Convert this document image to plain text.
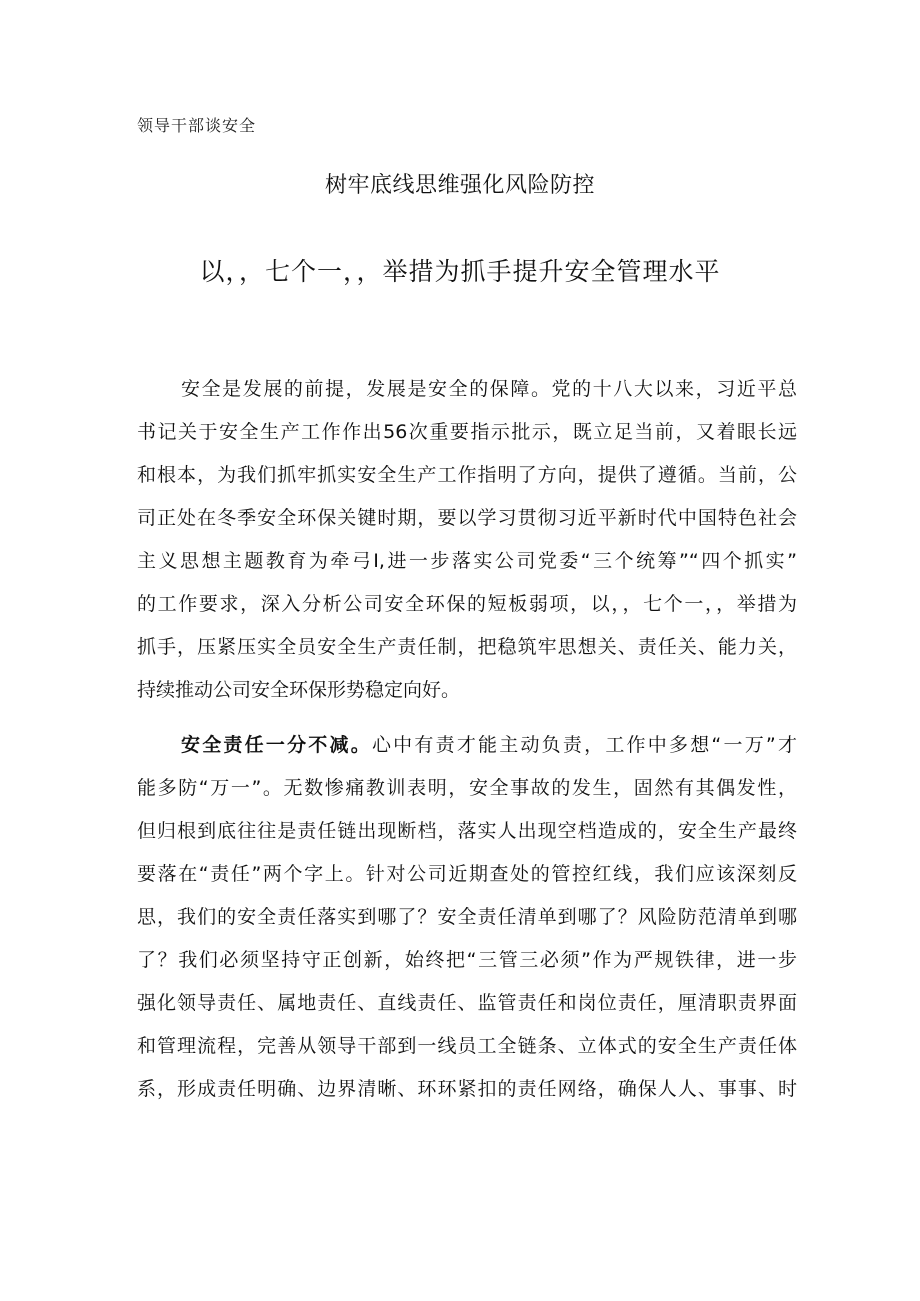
领导干部谈安全
树牢底线思维强化风险防控
以，，七个一，，举措为抓手提升安全管理水平
安全是发展的前提，发展是安全的保障。党的十八大以来，习近平总
书记关于安全生产工作作出56次重要指示批示，既立足当前，又着眼长远
和根本，为我们抓牢抓实安全生产工作指明了方向，提供了遵循。当前，公
司正处在冬季安全环保关键时期，要以学习贯彻习近平新时代中国特色社会
主义思想主题教育为牵弓I,进一步落实公司党委“三个统筹”“四个抓实”
的工作要求，深入分析公司安全环保的短板弱项，以，，七个一，，举措为
抓手，压紧压实全员安全生产责任制，把稳筑牢思想关、责任关、能力关，
持续推动公司安全环保形势稳定向好。
安全责任一分不减。心中有责才能主动负责，工作中多想“一万”才
能多防“万一”。无数惨痛教训表明，安全事故的发生，固然有其偶发性，
但归根到底往往是责任链出现断档，落实人出现空档造成的，安全生产最终
要落在“责任”两个字上。针对公司近期查处的管控红线，我们应该深刻反
思，我们的安全责任落实到哪了？安全责任清单到哪了？风险防范清单到哪
了？我们必须坚持守正创新，始终把“三管三必须”作为严规铁律，进一步
强化领导责任、属地责任、直线责任、监管责任和岗位责任，厘清职责界面
和管理流程，完善从领导干部到一线员工全链条、立体式的安全生产责任体
系，形成责任明确、边界清晰、环环紧扣的责任网络，确保人人、事事、时
